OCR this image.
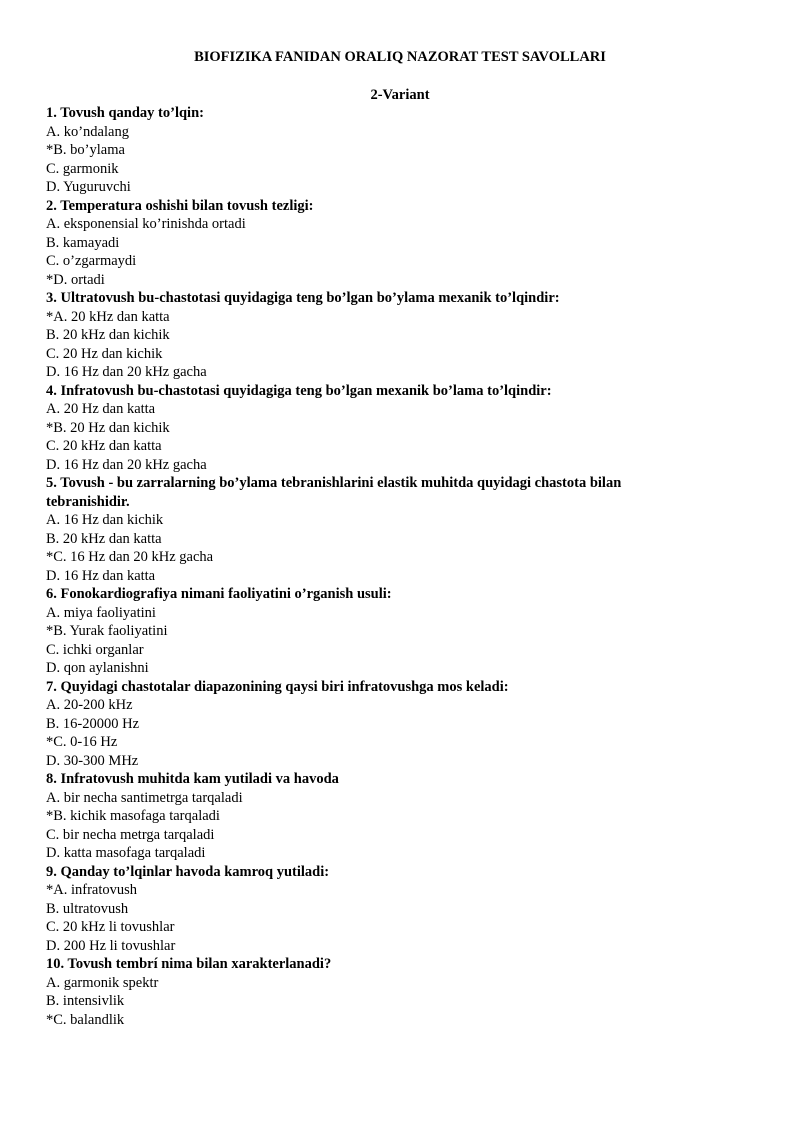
BIOFIZIKA FANIDAN ORALIQ NAZORAT TEST SAVOLLARI
2-Variant
1. Tovush qanday to’lqin:
A. ko’ndalang
*B. bo’ylama
C. garmonik
D. Yuguruvchi
2. Temperatura oshishi bilan tovush tezligi:
A. eksponensial ko’rinishda ortadi
B. kamayadi
C. o’zgarmaydi
*D. ortadi
3. Ultratovush bu-chastotasi quyidagiga teng bo’lgan bo’ylama mexanik to’lqindir:
*A. 20 kHz dan katta
B. 20 kHz dan kichik
C. 20 Hz dan kichik
D. 16 Hz dan 20 kHz gacha
4. Infratovush bu-chastotasi quyidagiga teng bo’lgan mexanik bo’lama to’lqindir:
A. 20 Hz dan katta
*B. 20 Hz dan kichik
C. 20 kHz dan katta
D. 16 Hz dan 20 kHz gacha
5. Tovush - bu zarralarning bo’ylama tebranishlarini elastik muhitda quyidagi chastota bilan tebranishidir.
A. 16 Hz dan kichik
B. 20 kHz dan katta
*C. 16 Hz dan 20 kHz gacha
D. 16 Hz dan katta
6. Fonokardiografiya nimani faoliyatini o’rganish usuli:
A. miya faoliyatini
*B. Yurak faoliyatini
C. ichki organlar
D. qon aylanishni
7. Quyidagi chastotalar diapazonining qaysi biri infratovushga mos keladi:
A. 20-200 kHz
B. 16-20000 Hz
*C. 0-16 Hz
D. 30-300 MHz
8. Infratovush muhitda kam yutiladi va havoda
A. bir necha santimetrga tarqaladi
*B. kichik masofaga tarqaladi
C. bir necha metrga tarqaladi
D. katta masofaga tarqaladi
9. Qanday to’lqinlar havoda kamroq yutiladi:
*A. infratovush
B. ultratovush
C. 20 kHz li tovushlar
D. 200 Hz li tovushlar
10. Tovush tembrí nima bilan xarakterlanadi?
A. garmonik spektr
B. intensivlik
*C. balandlik
